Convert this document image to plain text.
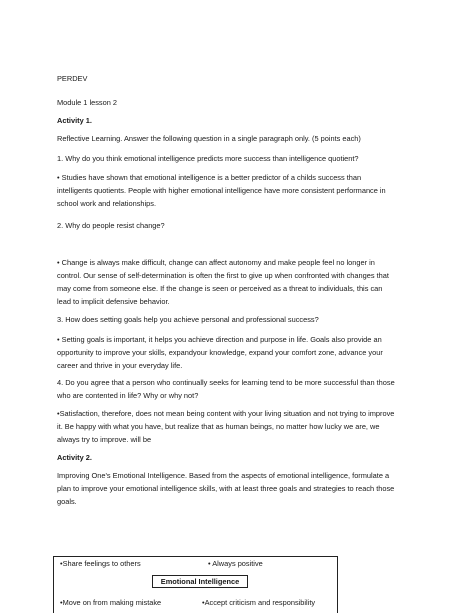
PERDEV

Module 1 lesson 2

Activity 1.

Reflective Learning. Answer the following question in a single paragraph only. (5 points each)

1. Why do you think emotional intelligence predicts more success than intelligence quotient?

• Studies have shown that emotional intelligence is a better predictor of a childs success than intelligents quotients. People with higher emotional intelligence have more consistent performance in school work and relationships.

2. Why do people resist change?

• Change is always make difficult, change can affect autonomy and make people feel no longer in control. Our sense of self-determination is often the first to give up when confronted with changes that may come from someone else. If the change is seen or perceived as a threat to individuals, this can lead to implicit defensive behavior.

3. How does setting goals help you achieve personal and professional success?

• Setting goals is important, it helps you achieve direction and purpose in life. Goals also provide an opportunity to improve your skills, expandyour knowledge, expand your comfort zone, advance your career and thrive in your everyday life.

4. Do you agree that a person who continually seeks for learning tend to be more successful than those who are contented in life? Why or why not?

•Satisfaction, therefore, does not mean being content with your living situation and not trying to improve it. Be happy with what you have, but realize that as human beings, no matter how lucky we are, we always try to improve. will be

Activity 2.

Improving One's Emotional Intelligence. Based from the aspects of emotional intelligence, formulate a plan to improve your emotional intelligence skills, with at least three goals and strategies to reach those goals.

•Share feelings to others	• Always positive
Emotional Intelligence
•Move on from making mistake	•Accept criticism and responsibility
